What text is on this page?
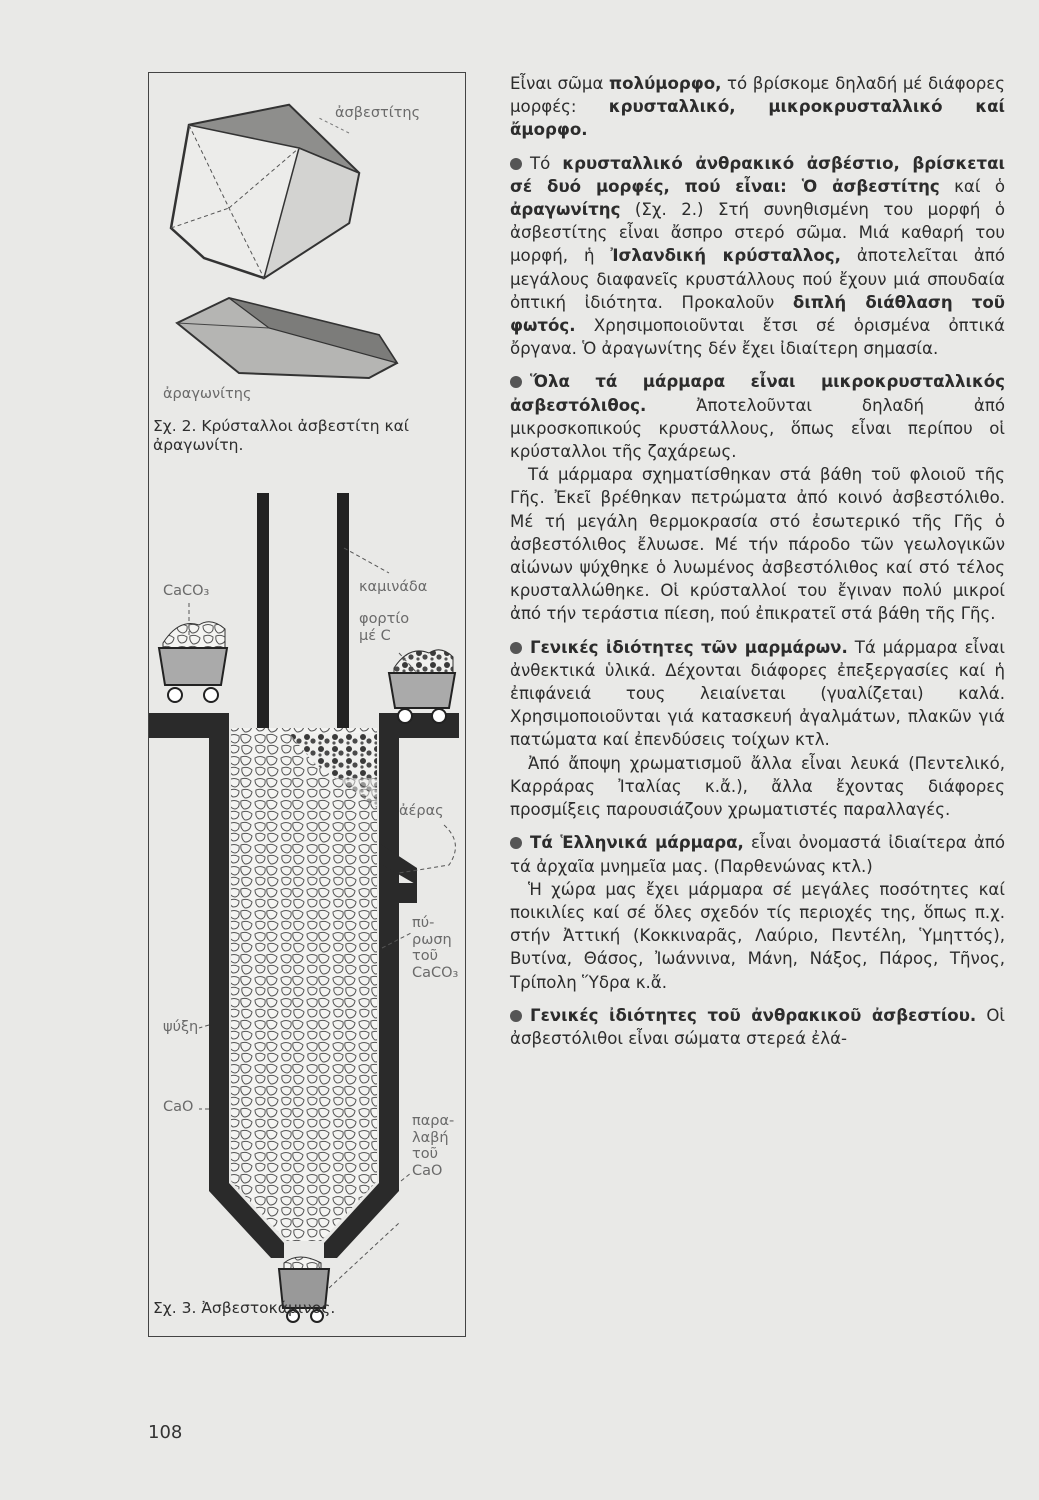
ἀσβεστίτης
ἀραγωνίτης
Σχ. 2. Κρύσταλλοι ἀσβεστίτη καί ἀραγωνίτη.
CaCO₃	καμινάδα
φορτίο μέ C
ἀέρας
πύ- ρωση τοῦ CaCO₃
ψύξη
CaO
παρα- λαβή τοῦ CaO
Σχ. 3. Ἀσβεστοκάμινος.

Εἶναι σῶμα πολύμορφο, τό βρίσκομε δηλαδή μέ διάφορες μορφές: κρυσταλλικό, μικροκρυσταλλικό καί ἄμορφο.

Τό κρυσταλλικό ἀνθρακικό ἀσβέστιο, βρίσκεται σέ δυό μορφές, πού εἶναι: Ὁ ἀσβεστίτης καί ὁ ἀραγωνίτης (Σχ. 2.) Στή συνηθισμένη του μορφή ὁ ἀσβεστίτης εἶναι ἄσπρο στερό σῶμα. Μιά καθαρή του μορφή, ἡ Ἰσλανδική κρύσταλλος, ἀποτελεῖται ἀπό μεγάλους διαφανεῖς κρυστάλλους πού ἔχουν μιά σπουδαία ὀπτική ἰδιότητα. Προκαλοῦν διπλή διάθλαση τοῦ φωτός. Χρησιμοποιοῦνται ἔτσι σέ ὁρισμένα ὀπτικά ὄργανα. Ὁ ἀραγωνίτης δέν ἔχει ἰδιαίτερη σημασία.

Ὅλα τά μάρμαρα εἶναι μικροκρυσταλλικός ἀσβεστόλιθος. Ἀποτελοῦνται δηλαδή ἀπό μικροσκοπικούς κρυστάλλους, ὅπως εἶναι περίπου οἱ κρύσταλλοι τῆς ζαχάρεως.

Τά μάρμαρα σχηματίσθηκαν στά βάθη τοῦ φλοιοῦ τῆς Γῆς. Ἐκεῖ βρέθηκαν πετρώματα ἀπό κοινό ἀσβεστόλιθο. Μέ τή μεγάλη θερμοκρασία στό ἐσωτερικό τῆς Γῆς ὁ ἀσβεστόλιθος ἔλυωσε. Μέ τήν πάροδο τῶν γεωλογικῶν αἰώνων ψύχθηκε ὁ λυωμένος ἀσβεστόλιθος καί στό τέλος κρυσταλλώθηκε. Οἱ κρύσταλλοί του ἔγιναν πολύ μικροί ἀπό τήν τεράστια πίεση, πού ἐπικρατεῖ στά βάθη τῆς Γῆς.

Γενικές ἰδιότητες τῶν μαρμάρων. Τά μάρμαρα εἶναι ἀνθεκτικά ὑλικά. Δέχονται διάφορες ἐπεξεργασίες καί ἡ ἐπιφάνειά τους λειαίνεται (γυαλίζεται) καλά. Χρησιμοποιοῦνται γιά κατασκευή ἀγαλμάτων, πλακῶν γιά πατώματα καί ἐπενδύσεις τοίχων κτλ.

Ἀπό ἄποψη χρωματισμοῦ ἄλλα εἶναι λευκά (Πεντελικό, Καρράρας Ἰταλίας κ.ἄ.), ἄλλα ἔχοντας διάφορες προσμίξεις παρουσιάζουν χρωματιστές παραλλαγές.

Τά Ἑλληνικά μάρμαρα, εἶναι ὀνομαστά ἰδιαίτερα ἀπό τά ἀρχαῖα μνημεῖα μας. (Παρθενώνας κτλ.)

Ἡ χώρα μας ἔχει μάρμαρα σέ μεγάλες ποσότητες καί ποικιλίες καί σέ ὅλες σχεδόν τίς περιοχές της, ὅπως π.χ. στήν Ἀττική (Κοκκιναρᾶς, Λαύριο, Πεντέλη, Ὑμηττός), Βυτίνα, Θάσος, Ἰωάννινα, Μάνη, Νάξος, Πάρος, Τῆνος, Τρίπολη Ὕδρα κ.ἄ.

Γενικές ἰδιότητες τοῦ ἀνθρακικοῦ ἀσβεστίου. Οἱ ἀσβεστόλιθοι εἶναι σώματα στερεά ἐλά-

108
